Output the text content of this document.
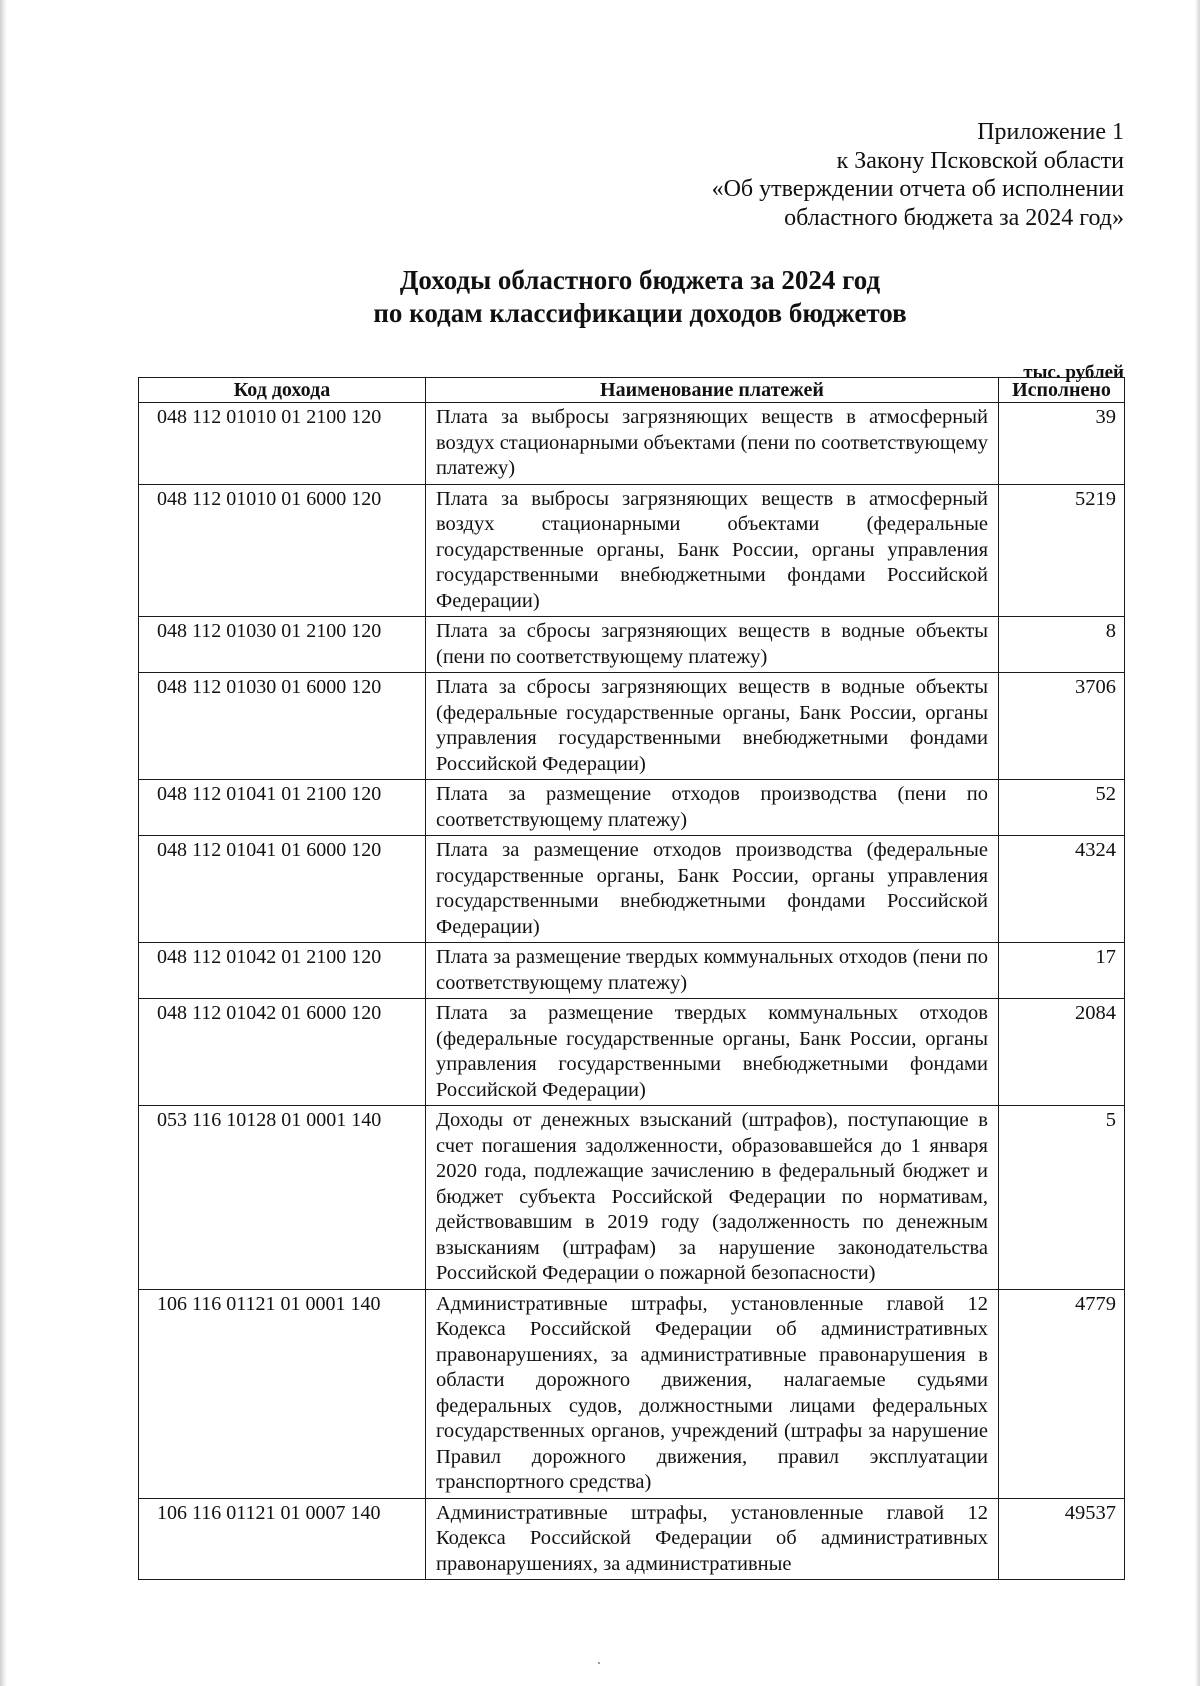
Приложение 1
к Закону Псковской области
«Об утверждении отчета об исполнении
областного бюджета за 2024 год»
Доходы областного бюджета за 2024 год
по кодам классификации доходов бюджетов
тыс. рублей
Код дохода	Наименование платежей	Исполнено
048 112 01010 01 2100 120	Плата за выбросы загрязняющих веществ в атмосферный воздух стационарными объектами (пени по соответствующему платежу)	39
048 112 01010 01 6000 120	Плата за выбросы загрязняющих веществ в атмосферный воздух стационарными объектами (федеральные государственные органы, Банк России, органы управления государственными внебюджетными фондами Российской Федерации)	5219
048 112 01030 01 2100 120	Плата за сбросы загрязняющих веществ в водные объекты (пени по соответствующему платежу)	8
048 112 01030 01 6000 120	Плата за сбросы загрязняющих веществ в водные объекты (федеральные государственные органы, Банк России, органы управления государственными внебюджетными фондами Российской Федерации)	3706
048 112 01041 01 2100 120	Плата за размещение отходов производства (пени по соответствующему платежу)	52
048 112 01041 01 6000 120	Плата за размещение отходов производства (федеральные государственные органы, Банк России, органы управления государственными внебюджетными фондами Российской Федерации)	4324
048 112 01042 01 2100 120	Плата за размещение твердых коммунальных отходов (пени по соответствующему платежу)	17
048 112 01042 01 6000 120	Плата за размещение твердых коммунальных отходов (федеральные государственные органы, Банк России, органы управления государственными внебюджетными фондами Российской Федерации)	2084
053 116 10128 01 0001 140	Доходы от денежных взысканий (штрафов), поступающие в счет погашения задолженности, образовавшейся до 1 января 2020 года, подлежащие зачислению в федеральный бюджет и бюджет субъекта Российской Федерации по нормативам, действовавшим в 2019 году (задолженность по денежным взысканиям (штрафам) за нарушение законодательства Российской Федерации о пожарной безопасности)	5
106 116 01121 01 0001 140	Административные штрафы, установленные главой 12 Кодекса Российской Федерации об административных правонарушениях, за административные правонарушения в области дорожного движения, налагаемые судьями федеральных судов, должностными лицами федеральных государственных органов, учреждений (штрафы за нарушение Правил дорожного движения, правил эксплуатации транспортного средства)	4779
106 116 01121 01 0007 140	Административные штрафы, установленные главой 12 Кодекса Российской Федерации об административных правонарушениях, за административные	49537
